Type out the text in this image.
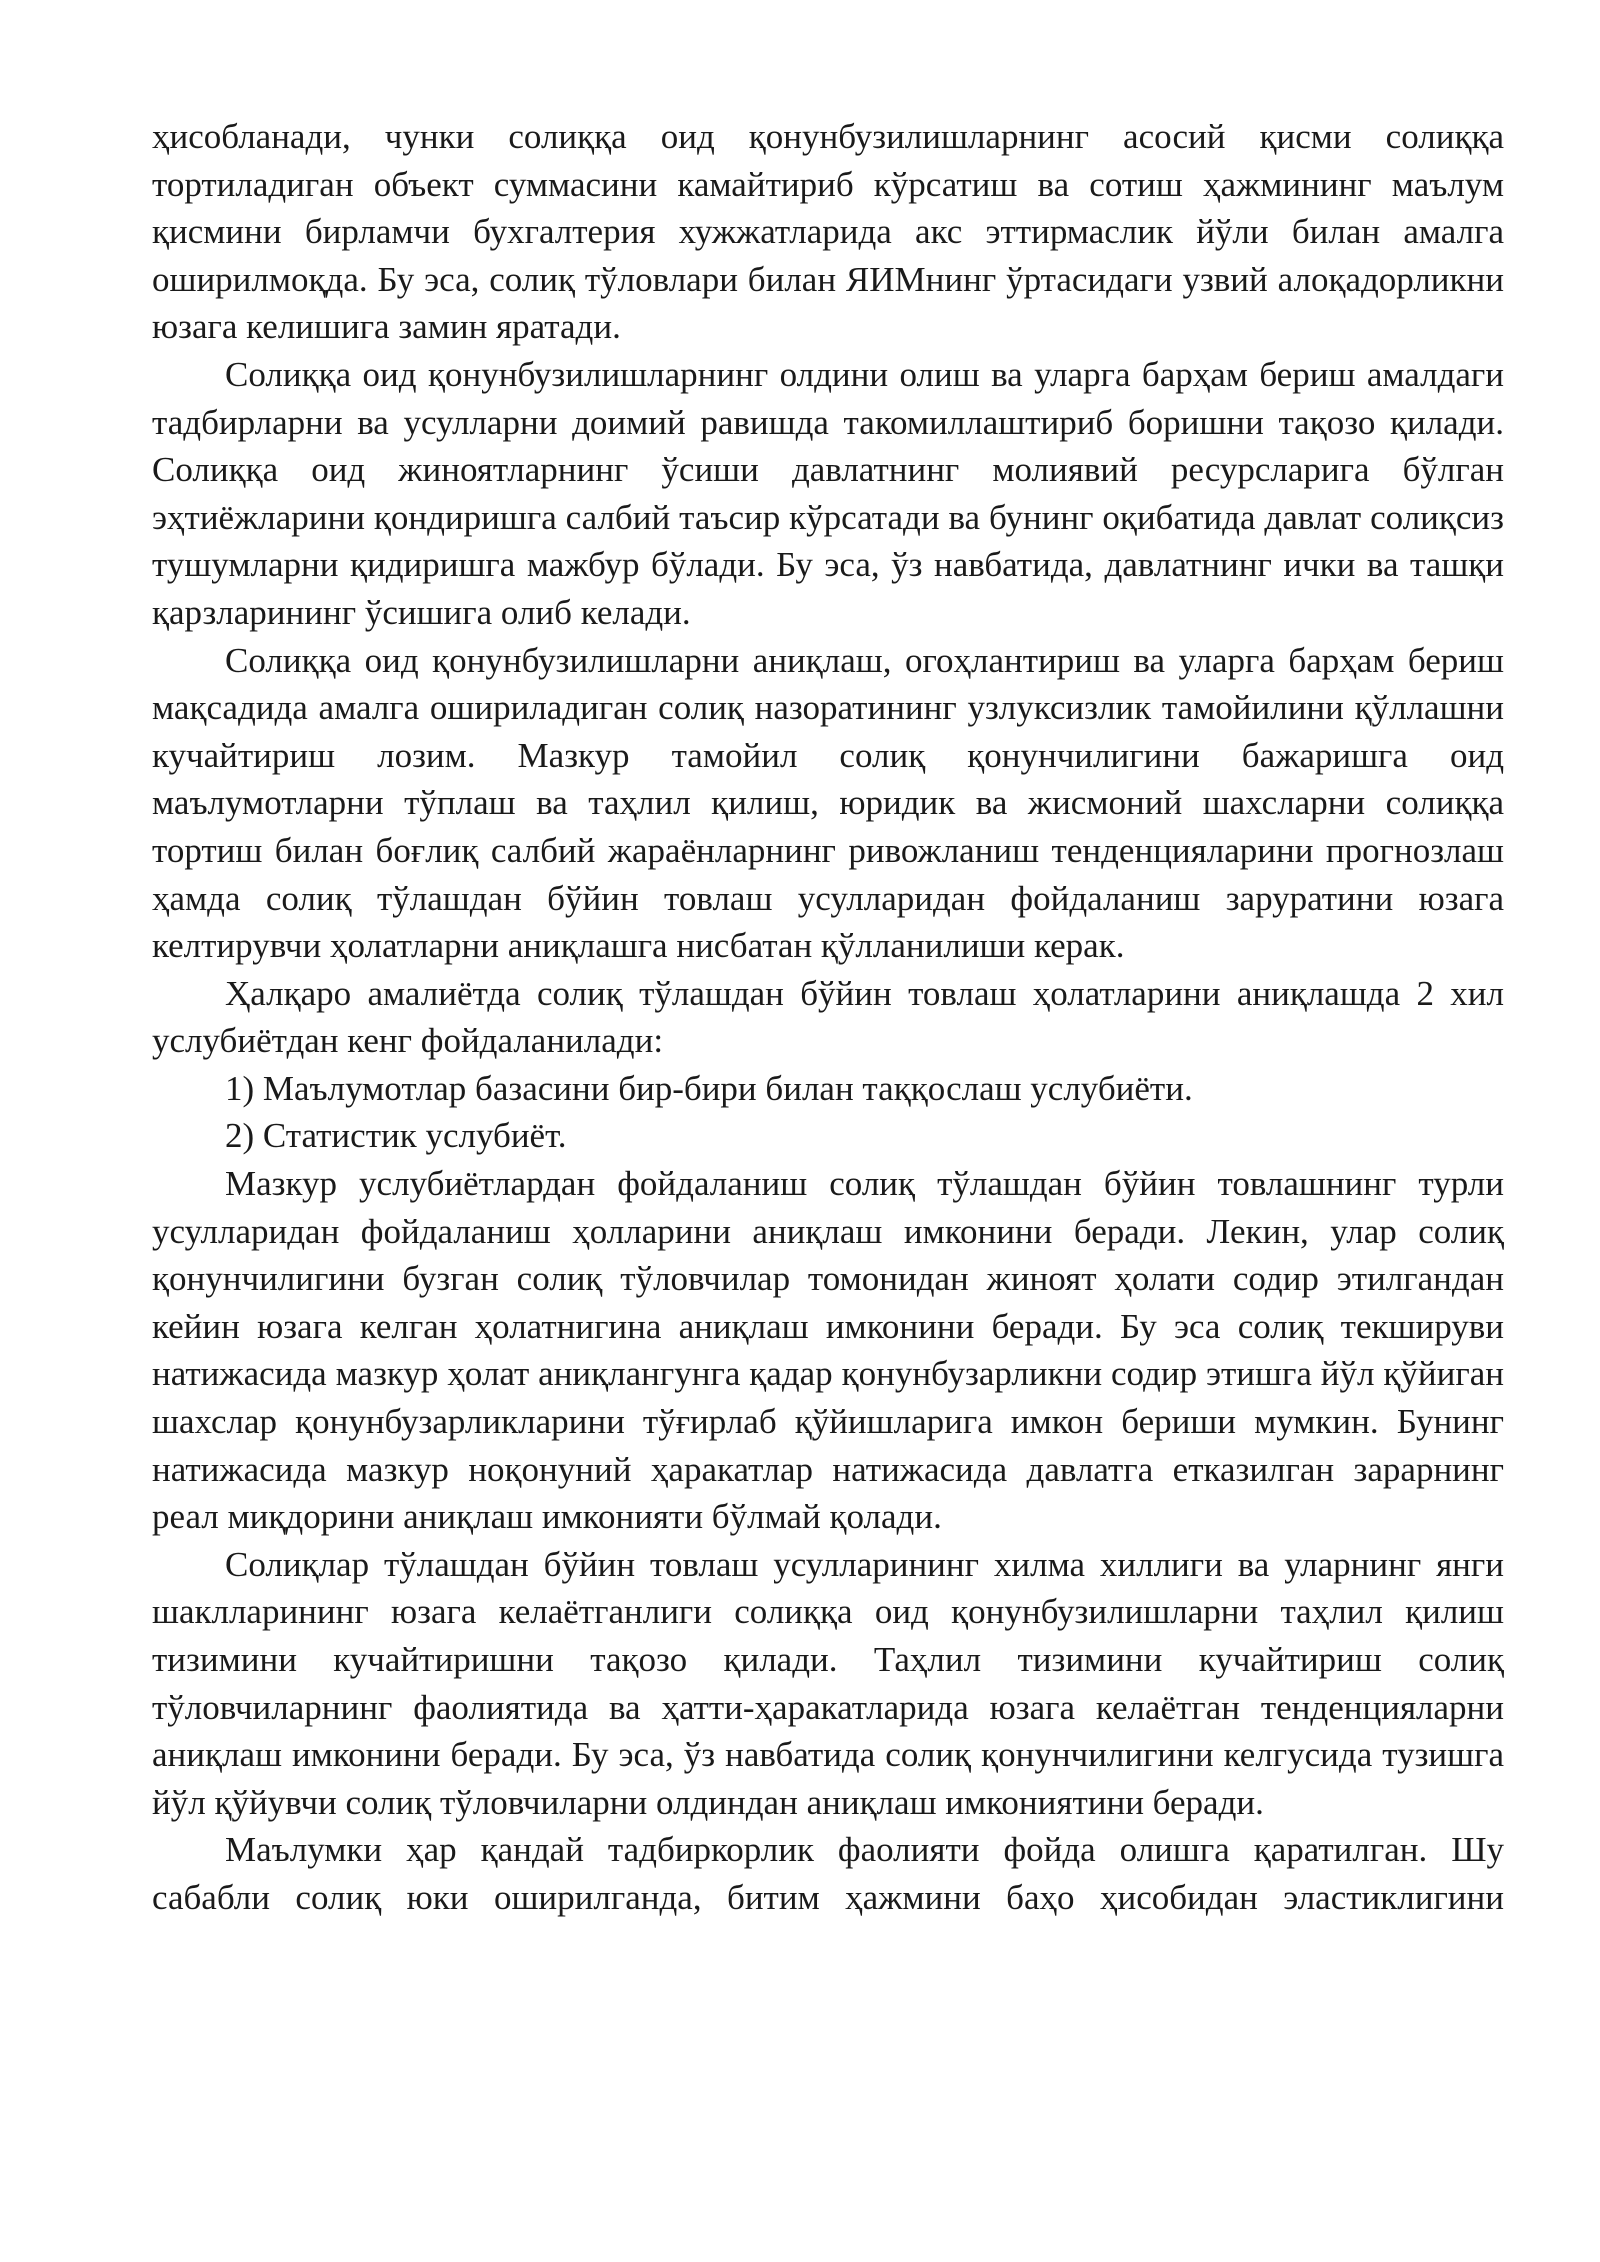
ҳисобланади, чунки солиққа оид қонунбузилишларнинг асосий қисми солиққа тортиладиган объект суммасини камайтириб кўрсатиш ва сотиш ҳажмининг маълум қисмини бирламчи бухгалтерия хужжатларида акс эттирмаслик йўли билан амалга оширилмоқда. Бу эса, солиқ тўловлари билан ЯИМнинг ўртасидаги узвий алоқадорликни юзага келишига замин яратади.

Солиққа оид қонунбузилишларнинг олдини олиш ва уларга барҳам бериш амалдаги тадбирларни ва усулларни доимий равишда такомиллаштириб боришни тақозо қилади. Солиққа оид жиноятларнинг ўсиши давлатнинг молиявий ресурсларига бўлган эҳтиёжларини қондиришга салбий таъсир кўрсатади ва бунинг оқибатида давлат солиқсиз тушумларни қидиришга мажбур бўлади. Бу эса, ўз навбатида, давлатнинг ички ва ташқи қарзларининг ўсишига олиб келади.

Солиққа оид қонунбузилишларни аниқлаш, огоҳлантириш ва уларга барҳам бериш мақсадида амалга ошириладиган солиқ назоратининг узлуксизлик тамойилини қўллашни кучайтириш лозим. Мазкур тамойил солиқ қонунчилигини бажаришга оид маълумотларни тўплаш ва таҳлил қилиш, юридик ва жисмоний шахсларни солиққа тортиш билан боғлиқ салбий жараёнларнинг ривожланиш тенденцияларини прогнозлаш ҳамда солиқ тўлашдан бўйин товлаш усулларидан фойдаланиш заруратини юзага келтирувчи ҳолатларни аниқлашга нисбатан қўлланилиши керак.

Ҳалқаро амалиётда солиқ тўлашдан бўйин товлаш ҳолатларини аниқлашда 2 хил услубиётдан кенг фойдаланилади:

1) Маълумотлар базасини бир-бири билан таққослаш услубиёти.

2) Статистик услубиёт.

Мазкур услубиётлардан фойдаланиш солиқ тўлашдан бўйин товлашнинг турли усулларидан фойдаланиш ҳолларини аниқлаш имконини беради. Лекин, улар солиқ қонунчилигини бузган солиқ тўловчилар томонидан жиноят ҳолати содир этилгандан кейин юзага келган ҳолатнигина аниқлаш имконини беради. Бу эса солиқ текшируви натижасида мазкур ҳолат аниқлангунга қадар қонунбузарликни содир этишга йўл қўйиган шахслар қонунбузарликларини тўғирлаб қўйишларига имкон бериши мумкин. Бунинг натижасида мазкур ноқонуний ҳаракатлар натижасида давлатга етказилган зарарнинг реал миқдорини аниқлаш имконияти бўлмай қолади.

Солиқлар тўлашдан бўйин товлаш усулларининг хилма хиллиги ва уларнинг янги шаклларининг юзага келаётганлиги солиққа оид қонунбузилишларни таҳлил қилиш тизимини кучайтиришни тақозо қилади. Таҳлил тизимини кучайтириш солиқ тўловчиларнинг фаолиятида ва ҳатти-ҳаракатларида юзага келаётган тенденцияларни аниқлаш имконини беради. Бу эса, ўз навбатида солиқ қонунчилигини келгусида тузишга йўл қўйувчи солиқ тўловчиларни олдиндан аниқлаш имкониятини беради.

Маълумки ҳар қандай тадбиркорлик фаолияти фойда олишга қаратилган. Шу сабабли солиқ юки оширилганда, битим ҳажмини баҳо ҳисобидан эластиклигини
